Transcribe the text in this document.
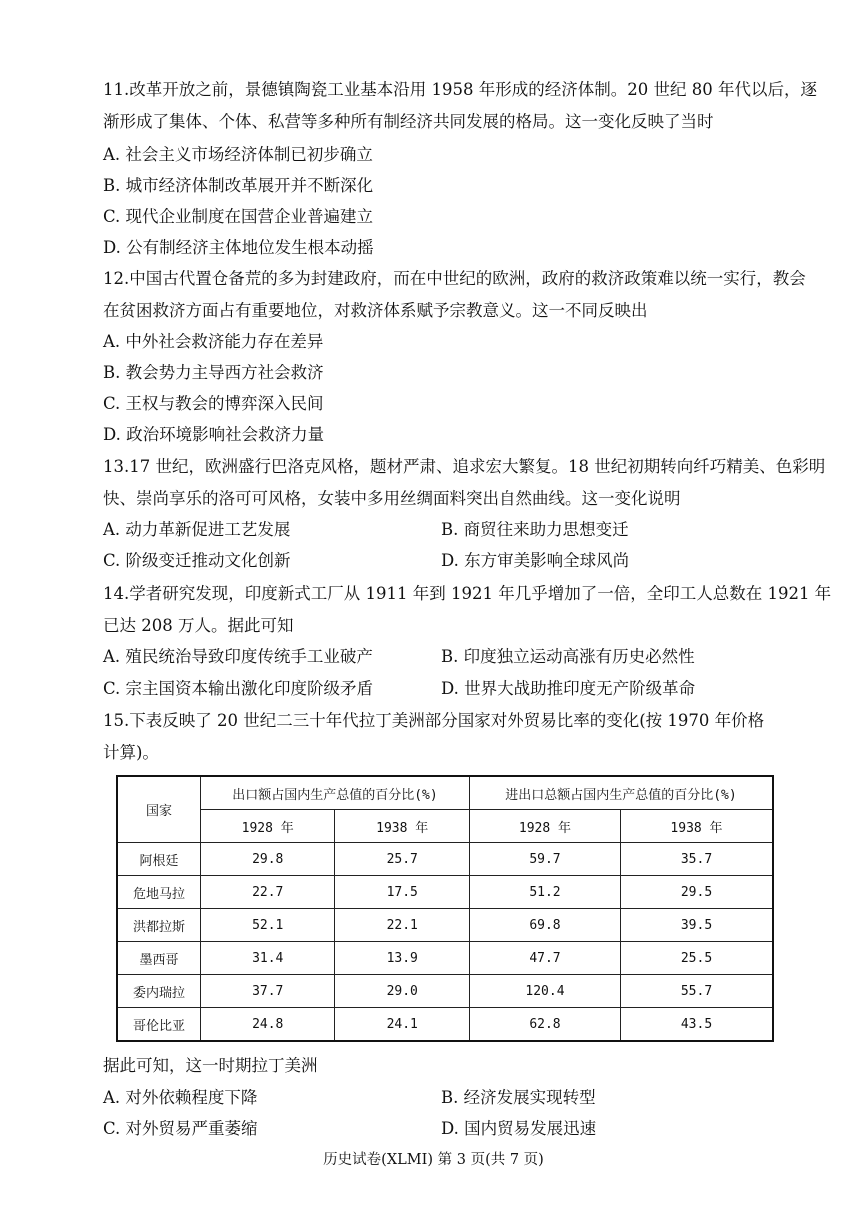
11.改革开放之前，景德镇陶瓷工业基本沿用 1958 年形成的经济体制。20 世纪 80 年代以后，逐
渐形成了集体、个体、私营等多种所有制经济共同发展的格局。这一变化反映了当时
A. 社会主义市场经济体制已初步确立
B. 城市经济体制改革展开并不断深化
C. 现代企业制度在国营企业普遍建立
D. 公有制经济主体地位发生根本动摇
12.中国古代置仓备荒的多为封建政府，而在中世纪的欧洲，政府的救济政策难以统一实行，教会
在贫困救济方面占有重要地位，对救济体系赋予宗教意义。这一不同反映出
A. 中外社会救济能力存在差异
B. 教会势力主导西方社会救济
C. 王权与教会的博弈深入民间
D. 政治环境影响社会救济力量
13.17 世纪，欧洲盛行巴洛克风格，题材严肃、追求宏大繁复。18 世纪初期转向纤巧精美、色彩明
快、崇尚享乐的洛可可风格，女装中多用丝绸面料突出自然曲线。这一变化说明
A. 动力革新促进工艺发展	B. 商贸往来助力思想变迁
C. 阶级变迁推动文化创新	D. 东方审美影响全球风尚
14.学者研究发现，印度新式工厂从 1911 年到 1921 年几乎增加了一倍，全印工人总数在 1921 年
已达 208 万人。据此可知
A. 殖民统治导致印度传统手工业破产	B. 印度独立运动高涨有历史必然性
C. 宗主国资本输出激化印度阶级矛盾	D. 世界大战助推印度无产阶级革命
15.下表反映了 20 世纪二三十年代拉丁美洲部分国家对外贸易比率的变化(按 1970 年价格
计算)。
国家	出口额占国内生产总值的百分比(%)		进出口总额占国内生产总值的百分比(%)	
	1928 年	1938 年	1928 年	1938 年
阿根廷	29.8	25.7	59.7	35.7
危地马拉	22.7	17.5	51.2	29.5
洪都拉斯	52.1	22.1	69.8	39.5
墨西哥	31.4	13.9	47.7	25.5
委内瑞拉	37.7	29.0	120.4	55.7
哥伦比亚	24.8	24.1	62.8	43.5
据此可知，这一时期拉丁美洲
A. 对外依赖程度下降	B. 经济发展实现转型
C. 对外贸易严重萎缩	D. 国内贸易发展迅速
历史试卷(XLMI) 第 3 页(共 7 页)
